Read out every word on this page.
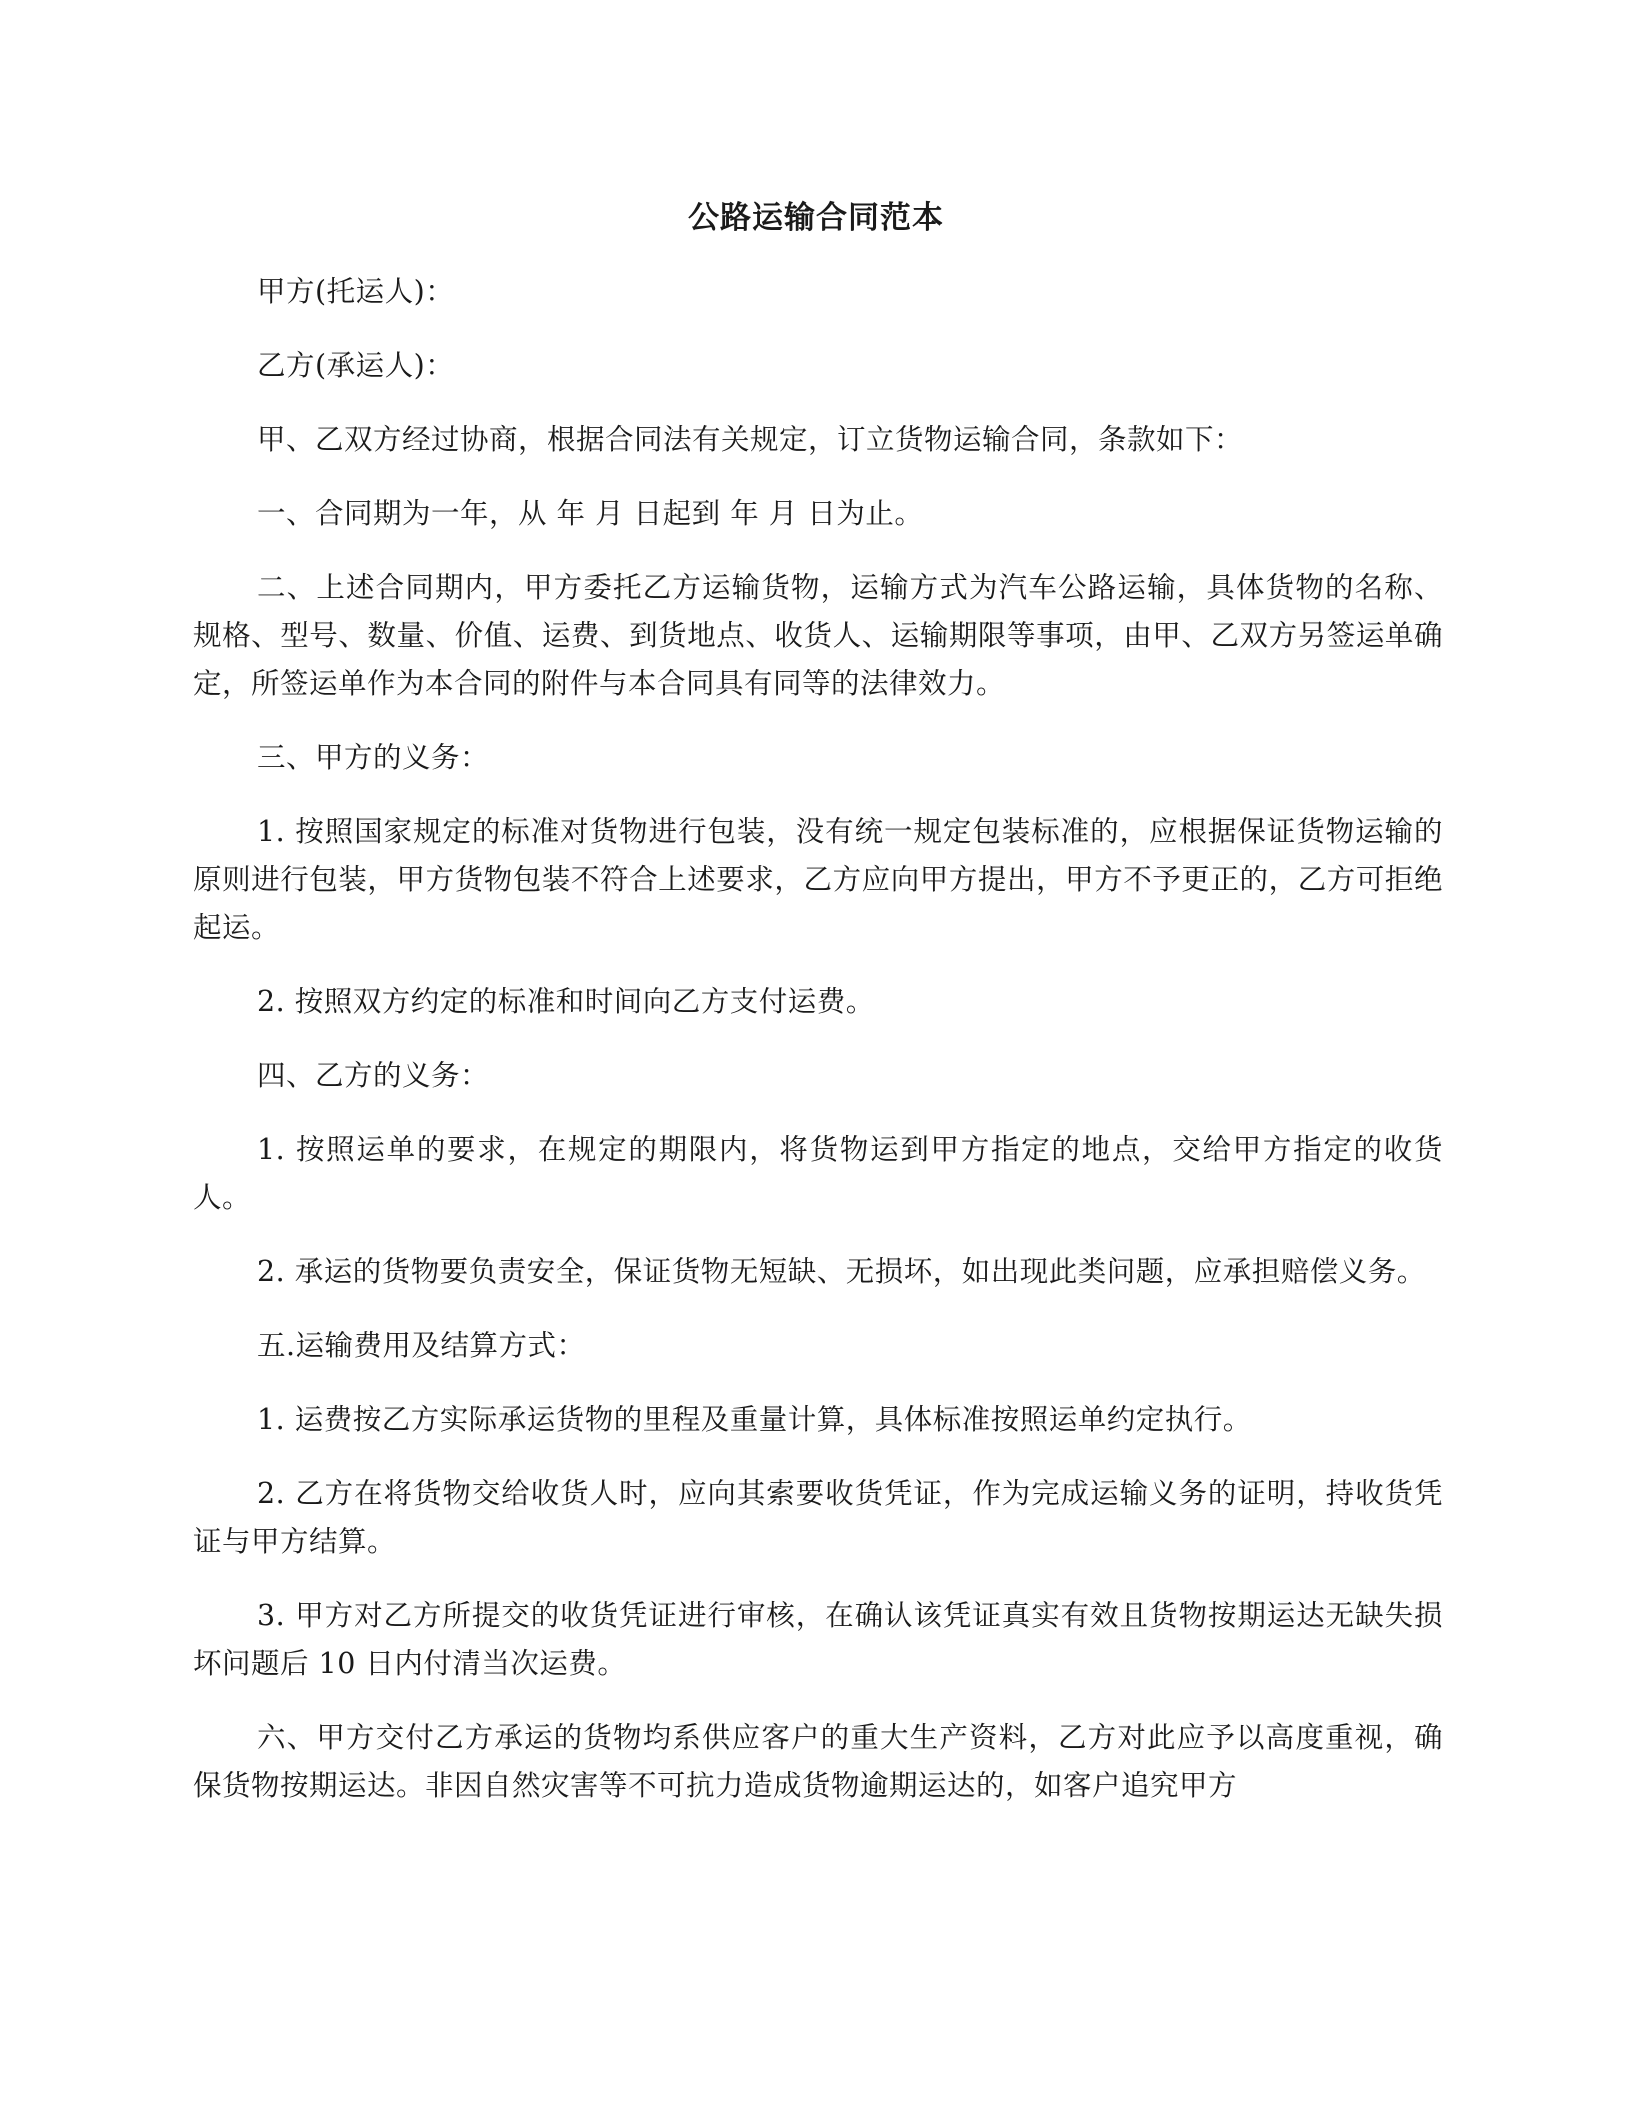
公路运输合同范本

甲方(托运人)：

乙方(承运人)：

甲、乙双方经过协商，根据合同法有关规定，订立货物运输合同，条款如下：

一、合同期为一年，从 年 月 日起到 年 月 日为止。

二、上述合同期内，甲方委托乙方运输货物，运输方式为汽车公路运输，具体货物的名称、规格、型号、数量、价值、运费、到货地点、收货人、运输期限等事项，由甲、乙双方另签运单确定，所签运单作为本合同的附件与本合同具有同等的法律效力。

三、甲方的义务：

1. 按照国家规定的标准对货物进行包装，没有统一规定包装标准的，应根据保证货物运输的原则进行包装，甲方货物包装不符合上述要求，乙方应向甲方提出，甲方不予更正的，乙方可拒绝起运。

2. 按照双方约定的标准和时间向乙方支付运费。

四、乙方的义务：

1. 按照运单的要求，在规定的期限内，将货物运到甲方指定的地点，交给甲方指定的收货人。

2. 承运的货物要负责安全，保证货物无短缺、无损坏，如出现此类问题，应承担赔偿义务。

五.运输费用及结算方式：

1. 运费按乙方实际承运货物的里程及重量计算，具体标准按照运单约定执行。

2. 乙方在将货物交给收货人时，应向其索要收货凭证，作为完成运输义务的证明，持收货凭证与甲方结算。

3. 甲方对乙方所提交的收货凭证进行审核，在确认该凭证真实有效且货物按期运达无缺失损坏问题后 10 日内付清当次运费。

六、甲方交付乙方承运的货物均系供应客户的重大生产资料，乙方对此应予以高度重视，确保货物按期运达。非因自然灾害等不可抗力造成货物逾期运达的，如客户追究甲方
